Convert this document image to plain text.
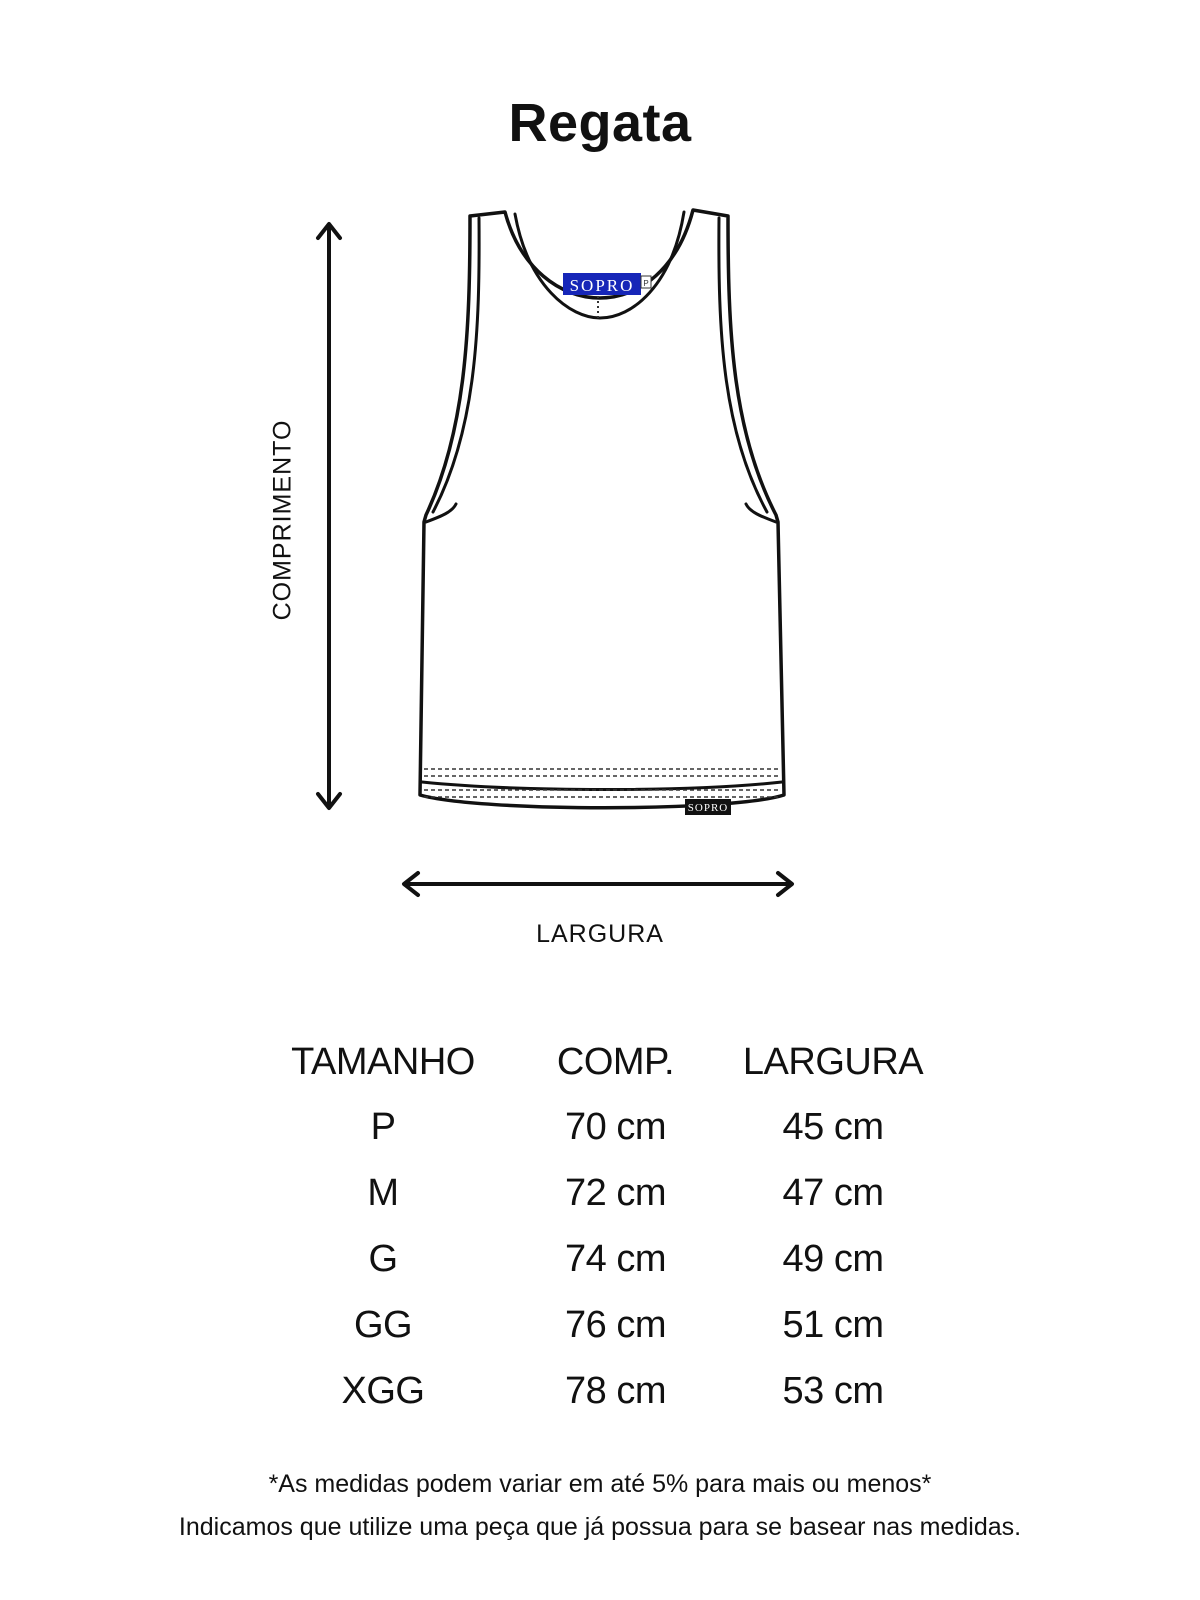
Regata
SOPRO P
SOPRO
COMPRIMENTO
LARGURA
TAMANHO	COMP.	LARGURA
P	70 cm	45 cm
M	72 cm	47 cm
G	74 cm	49 cm
GG	76 cm	51 cm
XGG	78 cm	53 cm
*As medidas podem variar em até 5% para mais ou menos*
Indicamos que utilize uma peça que já possua para se basear nas medidas.
